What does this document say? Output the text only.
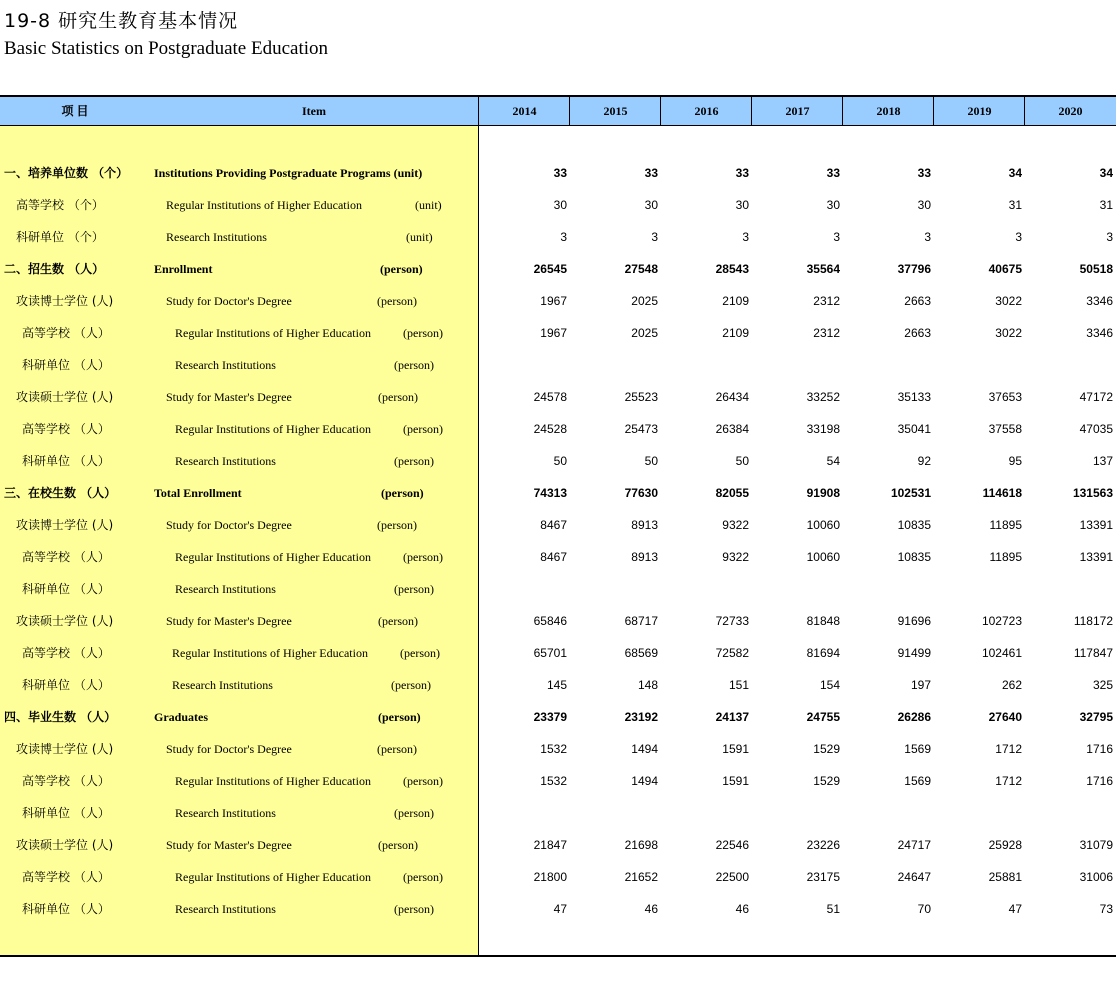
19-8 研究生教育基本情况
Basic Statistics on Postgraduate Education
项 目	Item	2014	2015	2016	2017	2018	2019	2020
一、培养单位数 （个） Institutions Providing Postgraduate Programs (unit)	33	33	33	33	33	34	34
高等学校 （个）	Regular Institutions of Higher Education	(unit)	30	30	30	30	30	31	31
科研单位 （个）	Research Institutions	(unit)	3	3	3	3	3	3	3
二、招生数 （人）	Enrollment	(person)	26545	27548	28543	35564	37796	40675	50518
攻读博士学位 (人)	Study for Doctor's Degree	(person)	1967	2025	2109	2312	2663	3022	3346
高等学校 （人）	Regular Institutions of Higher Education	(person)	1967	2025	2109	2312	2663	3022	3346
科研单位 （人）	Research Institutions	(person)
攻读硕士学位 (人)	Study for Master's Degree	(person)	24578	25523	26434	33252	35133	37653	47172
高等学校 （人）	Regular Institutions of Higher Education	(person)	24528	25473	26384	33198	35041	37558	47035
科研单位 （人）	Research Institutions	(person)	50	50	50	54	92	95	137
三、在校生数 （人）	Total Enrollment	(person)	74313	77630	82055	91908	102531	114618	131563
攻读博士学位 (人)	Study for Doctor's Degree	(person)	8467	8913	9322	10060	10835	11895	13391
高等学校 （人）	Regular Institutions of Higher Education	(person)	8467	8913	9322	10060	10835	11895	13391
科研单位 （人）	Research Institutions	(person)
攻读硕士学位 (人)	Study for Master's Degree	(person)	65846	68717	72733	81848	91696	102723	118172
高等学校 （人）	Regular Institutions of Higher Education	(person)	65701	68569	72582	81694	91499	102461	117847
科研单位 （人）	Research Institutions	(person)	145	148	151	154	197	262	325
四、毕业生数 （人）	Graduates	(person)	23379	23192	24137	24755	26286	27640	32795
攻读博士学位 (人)	Study for Doctor's Degree	(person)	1532	1494	1591	1529	1569	1712	1716
高等学校 （人）	Regular Institutions of Higher Education	(person)	1532	1494	1591	1529	1569	1712	1716
科研单位 （人）	Research Institutions	(person)
攻读硕士学位 (人)	Study for Master's Degree	(person)	21847	21698	22546	23226	24717	25928	31079
高等学校 （人）	Regular Institutions of Higher Education	(person)	21800	21652	22500	23175	24647	25881	31006
科研单位 （人）	Research Institutions	(person)	47	46	46	51	70	47	73
